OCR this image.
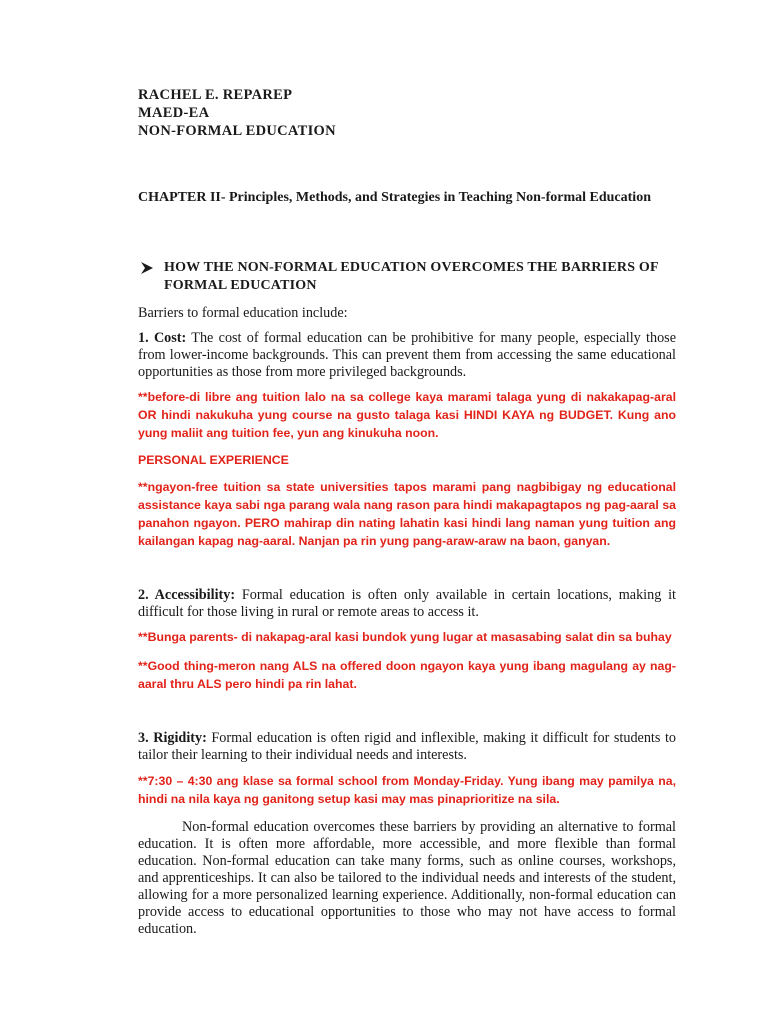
RACHEL E. REPAREP
MAED-EA
NON-FORMAL EDUCATION
CHAPTER II- Principles, Methods, and Strategies in Teaching Non-formal Education
HOW THE NON-FORMAL EDUCATION OVERCOMES THE BARRIERS OF FORMAL EDUCATION
Barriers to formal education include:
1. Cost: The cost of formal education can be prohibitive for many people, especially those from lower-income backgrounds. This can prevent them from accessing the same educational opportunities as those from more privileged backgrounds.
**before-di libre ang tuition lalo na sa college kaya marami talaga yung di nakakapag-aral OR hindi nakukuha yung course na gusto talaga kasi HINDI KAYA ng BUDGET. Kung ano yung maliit ang tuition fee, yun ang kinukuha noon.
PERSONAL EXPERIENCE
**ngayon-free tuition sa state universities tapos marami pang nagbibigay ng educational assistance kaya sabi nga parang wala nang rason para hindi makapagtapos ng pag-aaral sa panahon ngayon. PERO mahirap din nating lahatin kasi hindi lang naman yung tuition ang kailangan kapag nag-aaral. Nanjan pa rin yung pang-araw-araw na baon, ganyan.
2. Accessibility: Formal education is often only available in certain locations, making it difficult for those living in rural or remote areas to access it.
**Bunga parents- di nakapag-aral kasi bundok yung lugar at masasabing salat din sa buhay
**Good thing-meron nang ALS na offered doon ngayon kaya yung ibang magulang ay nag-aaral thru ALS pero hindi pa rin lahat.
3. Rigidity: Formal education is often rigid and inflexible, making it difficult for students to tailor their learning to their individual needs and interests.
**7:30 – 4:30 ang klase sa formal school from Monday-Friday. Yung ibang may pamilya na, hindi na nila kaya ng ganitong setup kasi may mas pinaprioritize na sila.
Non-formal education overcomes these barriers by providing an alternative to formal education. It is often more affordable, more accessible, and more flexible than formal education. Non-formal education can take many forms, such as online courses, workshops, and apprenticeships. It can also be tailored to the individual needs and interests of the student, allowing for a more personalized learning experience. Additionally, non-formal education can provide access to educational opportunities to those who may not have access to formal education.
